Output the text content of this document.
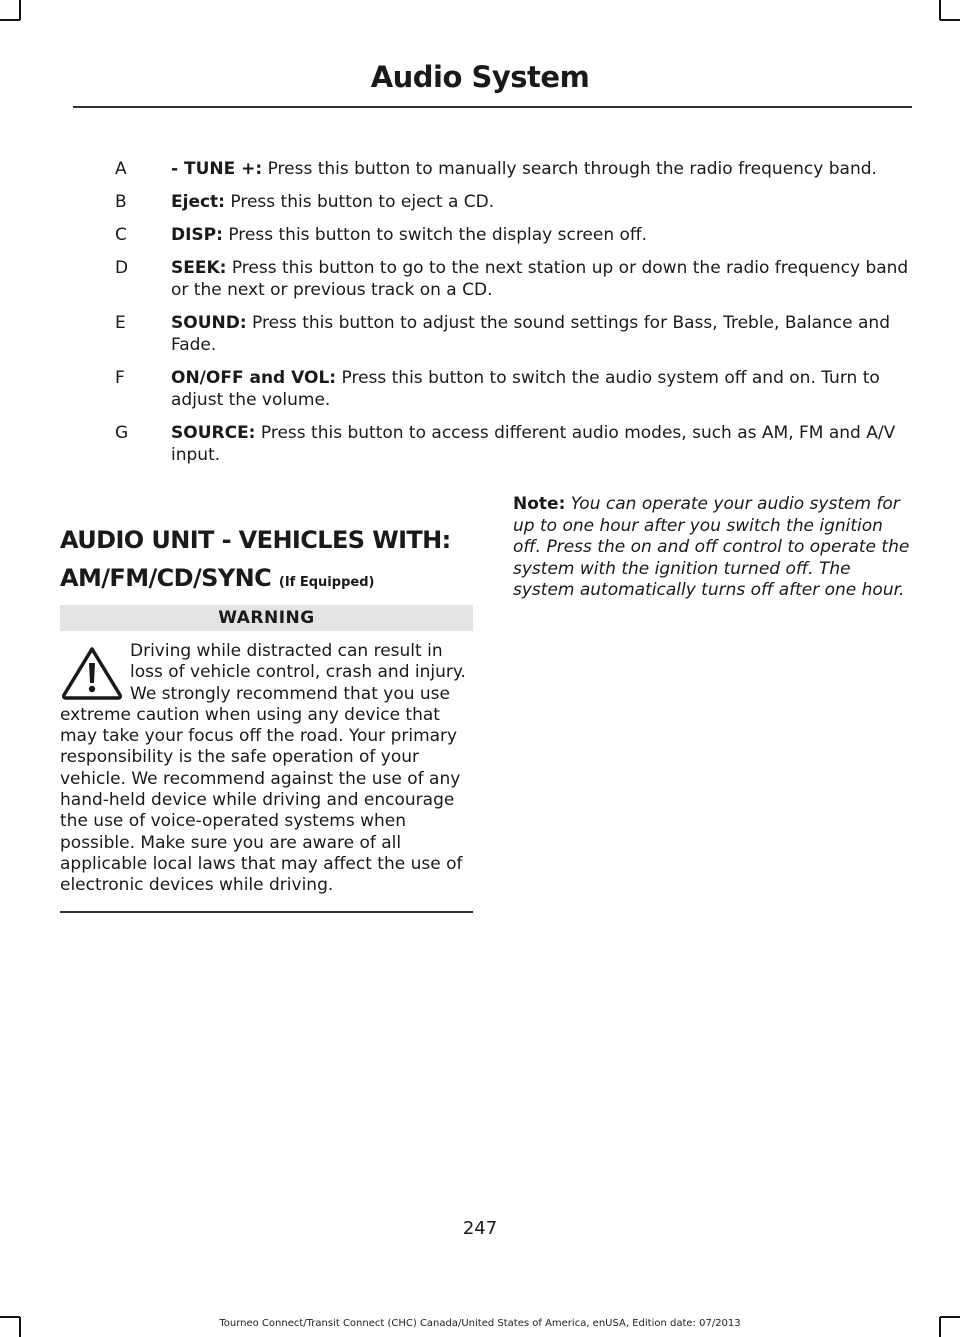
Audio System
A	- TUNE +: Press this button to manually search through the radio frequency band.
B	Eject: Press this button to eject a CD.
C	DISP: Press this button to switch the display screen off.
D	SEEK: Press this button to go to the next station up or down the radio frequency band or the next or previous track on a CD.
E	SOUND: Press this button to adjust the sound settings for Bass, Treble, Balance and Fade.
F	ON/OFF and VOL: Press this button to switch the audio system off and on. Turn to adjust the volume.
G	SOURCE: Press this button to access different audio modes, such as AM, FM and A/V input.
AUDIO UNIT - VEHICLES WITH:
AM/FM/CD/SYNC (If Equipped)
WARNING
Driving while distracted can result in loss of vehicle control, crash and injury. We strongly recommend that you use extreme caution when using any device that may take your focus off the road. Your primary responsibility is the safe operation of your vehicle. We recommend against the use of any hand-held device while driving and encourage the use of voice-operated systems when possible. Make sure you are aware of all applicable local laws that may affect the use of electronic devices while driving.
Note: You can operate your audio system for up to one hour after you switch the ignition off. Press the on and off control to operate the system with the ignition turned off. The system automatically turns off after one hour.
247
Tourneo Connect/Transit Connect (CHC) Canada/United States of America, enUSA, Edition date: 07/2013
